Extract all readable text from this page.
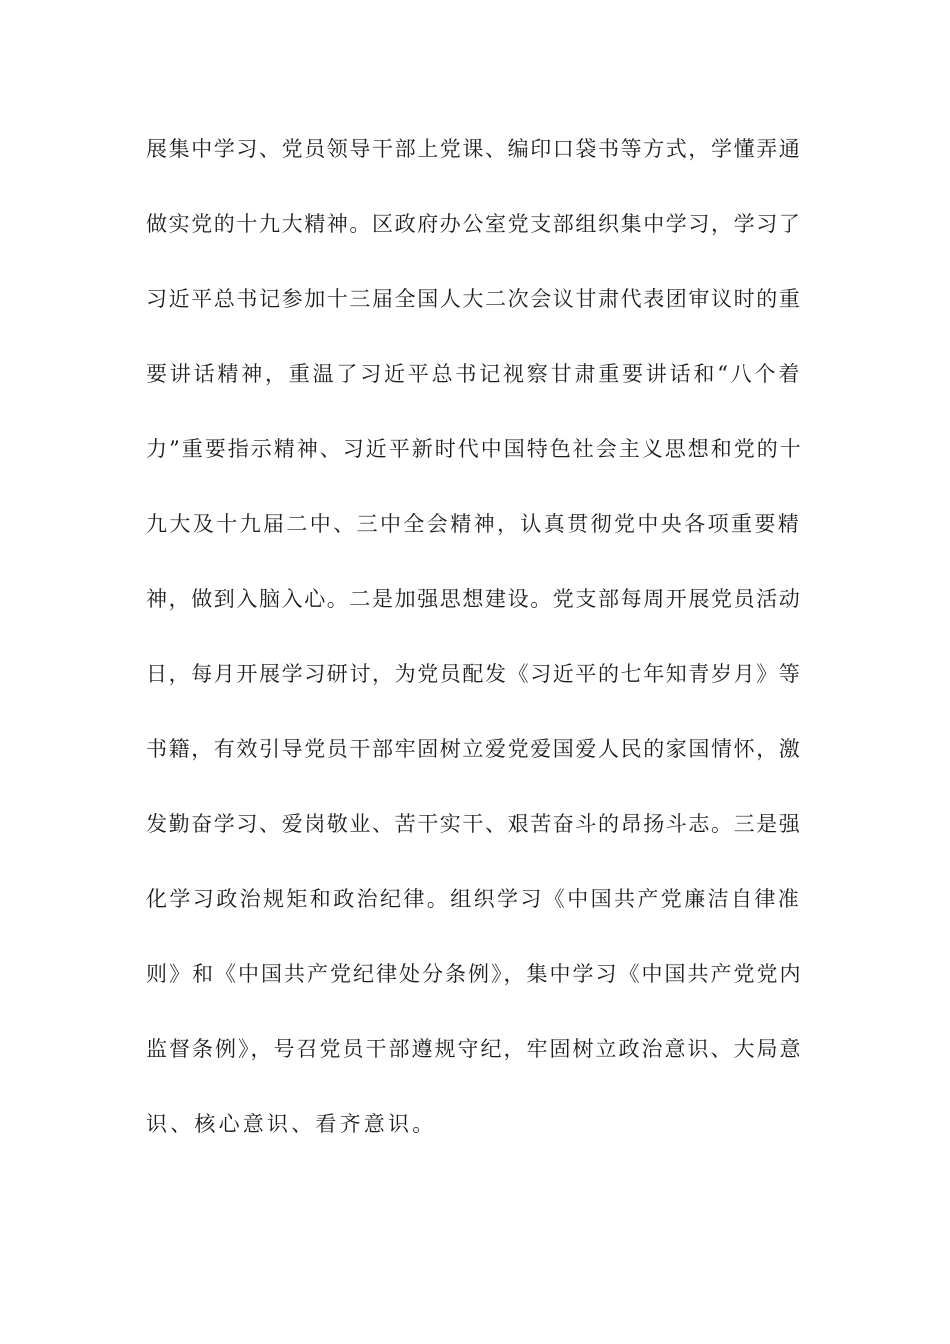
展集中学习、党员领导干部上党课、编印口袋书等方式，学懂弄通
做实党的十九大精神。区政府办公室党支部组织集中学习，学习了
习近平总书记参加十三届全国人大二次会议甘肃代表团审议时的重
要讲话精神，重温了习近平总书记视察甘肃重要讲话和“八个着
力”重要指示精神、习近平新时代中国特色社会主义思想和党的十
九大及十九届二中、三中全会精神，认真贯彻党中央各项重要精
神，做到入脑入心。二是加强思想建设。党支部每周开展党员活动
日，每月开展学习研讨，为党员配发《习近平的七年知青岁月》等
书籍，有效引导党员干部牢固树立爱党爱国爱人民的家国情怀，激
发勤奋学习、爱岗敬业、苦干实干、艰苦奋斗的昂扬斗志。三是强
化学习政治规矩和政治纪律。组织学习《中国共产党廉洁自律准
则》和《中国共产党纪律处分条例》，集中学习《中国共产党党内
监督条例》，号召党员干部遵规守纪，牢固树立政治意识、大局意
识、核心意识、看齐意识。
